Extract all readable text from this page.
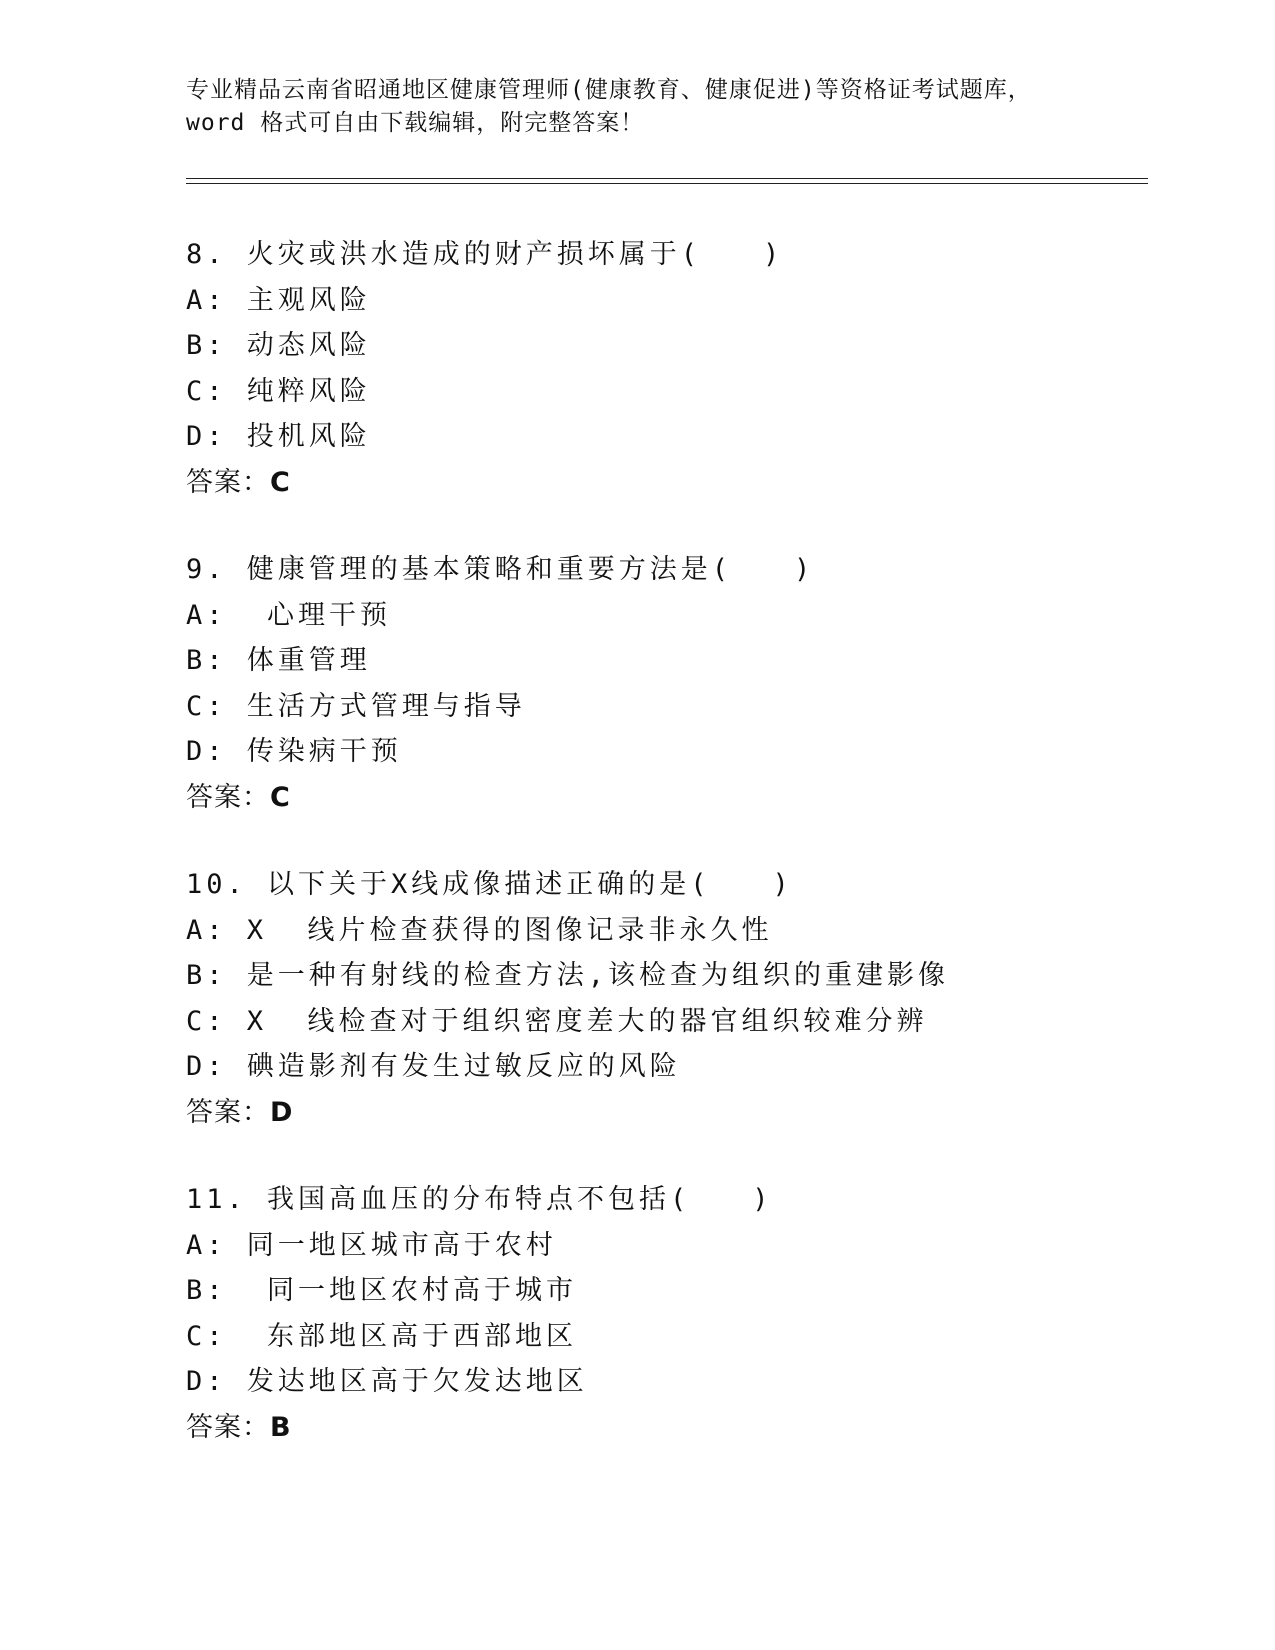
专业精品云南省昭通地区健康管理师(健康教育、健康促进)等资格证考试题库，
word 格式可自由下载编辑，附完整答案！
8. 火灾或洪水造成的财产损坏属于(　　)
A: 主观风险
B: 动态风险
C: 纯粹风险
D: 投机风险
答案：C
9. 健康管理的基本策略和重要方法是(　　)
A:  心理干预
B: 体重管理
C: 生活方式管理与指导
D: 传染病干预
答案：C
10. 以下关于X线成像描述正确的是(　　)
A: X  线片检查获得的图像记录非永久性
B: 是一种有射线的检查方法,该检查为组织的重建影像
C: X  线检查对于组织密度差大的器官组织较难分辨
D: 碘造影剂有发生过敏反应的风险
答案：D
11. 我国高血压的分布特点不包括(　　)
A: 同一地区城市高于农村
B:  同一地区农村高于城市
C:  东部地区高于西部地区
D: 发达地区高于欠发达地区
答案：B
